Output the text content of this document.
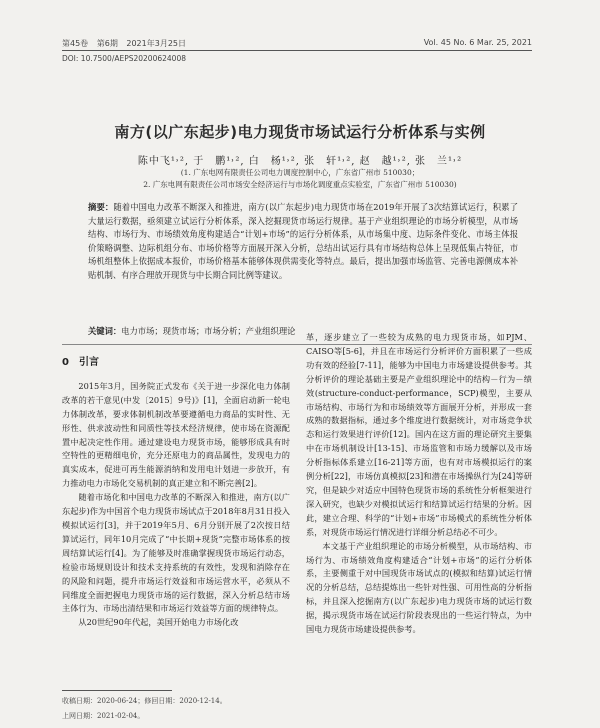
第45卷 第6期 2021年3月25日	Vol. 45 No. 6 Mar. 25, 2021
DOI: 10.7500/AEPS20200624008
南方(以广东起步)电力现货市场试运行分析体系与实例
陈中飞¹˒², 于　鹏¹˒², 白　杨¹˒², 张　轩¹˒², 赵　越¹˒², 张　兰¹˒²
(1. 广东电网有限责任公司电力调度控制中心，广东省广州市 510030；
2. 广东电网有限责任公司市场安全经济运行与市场化调度重点实验室，广东省广州市 510030)
摘要：随着中国电力改革不断深入和推进，南方(以广东起步)电力现货市场在2019年开展了3次结算试运行，积累了大量运行数据，亟须建立试运行分析体系，深入挖掘现货市场运行规律。基于产业组织理论的市场分析模型，从市场结构、市场行为、市场绩效角度构建适合“计划+市场”的运行分析体系，从市场集中度、边际条件变化、市场主体报价策略调整、边际机组分布、市场价格等方面展开深入分析，总结出试运行具有市场结构总体上呈现低集占特征，市场机组整体上依据成本报价，市场价格基本能够体现供需变化等特点。最后，提出加强市场监管、完善电源侧成本补贴机制、有序合理放开现货与中长期合同比例等建议。
关键词：电力市场；现货市场；市场分析；产业组织理论
0　引言

2015年3月，国务院正式发布《关于进一步深化电力体制改革的若干意见(中发〔2015〕9号)》[1]，全面启动新一轮电力体制改革，要求体制机制改革要遵循电力商品的实时性、无形性、供求波动性和同质性等技术经济规律，使市场在资源配置中起决定性作用。通过建设电力现货市场，能够形成具有时空特性的更精细电价，充分还原电力的商品属性，发现电力的真实成本，促进可再生能源消纳和发用电计划进一步放开，有力推动电力市场化交易机制的真正建立和不断完善[2]。

随着市场化和中国电力改革的不断深入和推进，南方(以广东起步)作为中国首个电力现货市场试点于2018年8月31日投入模拟试运行[3]，并于2019年5月、6月分别开展了2次按日结算试运行，同年10月完成了“中长期+现货”完整市场体系的按周结算试运行[4]。为了能够及时准确掌握现货市场运行动态，检验市场规则设计和技术支持系统的有效性，发现和消除存在的风险和问题，提升市场运行效益和市场运营水平，必须从不同维度全面把握电力现货市场的运行数据，深入分析总结市场主体行为、市场出清结果和市场运行效益等方面的规律特点。

从20世纪90年代起，美国开始电力市场化改

革，逐步建立了一些较为成熟的电力现货市场，如PJM、CAISO等[5-6]，并且在市场运行分析评价方面积累了一些成功有效的经验[7-11]，能够为中国电力市场建设提供参考。其分析评价的理论基础主要是产业组织理论中的结构－行为－绩效(structure-conduct-performance，SCP)模型，主要从市场结构、市场行为和市场绩效等方面展开分析，并形成一套成熟的数据指标，通过多个维度进行数据统计，对市场竞争状态和运行效果进行评价[12]。国内在这方面的理论研究主要集中在市场机制设计[13-15]、市场监管和市场力缓解以及市场分析指标体系建立[16-21]等方面，也有对市场模拟运行的案例分析[22]，市场仿真模拟[23]和潜在市场操纵行为[24]等研究，但是缺少对适应中国特色现货市场的系统性分析框架进行深入研究，也缺少对模拟试运行和结算试运行结果的分析。因此，建立合理、科学的“计划+市场”市场模式的系统性分析体系，对现货市场运行情况进行详细分析总结必不可少。

本文基于产业组织理论的市场分析模型，从市场结构、市场行为、市场绩效角度构建适合“计划+市场”的运行分析体系，主要侧重于对中国现货市场试点的(模拟和结算)试运行情况的分析总结，总结提炼出一些针对性强、可用性高的分析指标，并且深入挖掘南方(以广东起步)电力现货市场的试运行数据，揭示现货市场在试运行阶段表现出的一些运行特点，为中国电力现货市场建设提供参考。

收稿日期：2020-06-24；修回日期：2020-12-14。
上网日期：2021-02-04。
